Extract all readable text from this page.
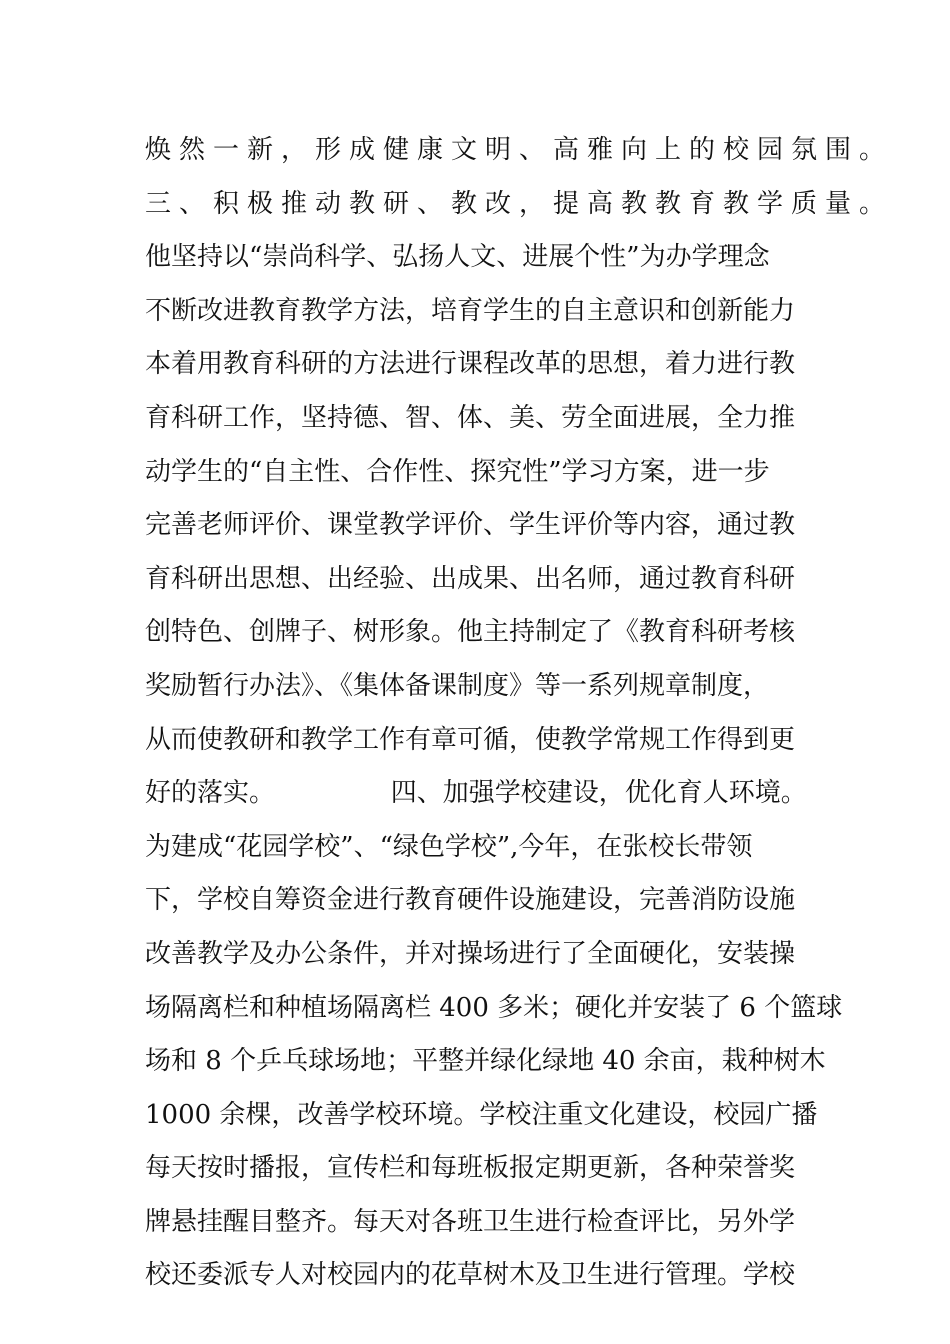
焕然一新，形成健康文明、高雅向上的校园氛围。
三、积极推动教研、教改，提高教教育教学质量。
他坚持以“崇尚科学、弘扬人文、进展个性”为办学理念
不断改进教育教学方法，培育学生的自主意识和创新能力
本着用教育科研的方法进行课程改革的思想，着力进行教
育科研工作，坚持德、智、体、美、劳全面进展，全力推
动学生的“自主性、合作性、探究性”学习方案，进一步
完善老师评价、课堂教学评价、学生评价等内容，通过教
育科研出思想、出经验、出成果、出名师，通过教育科研
创特色、创牌子、树形象。他主持制定了《教育科研考核
奖励暂行办法》、《集体备课制度》等一系列规章制度，
从而使教研和教学工作有章可循，使教学常规工作得到更
好的落实。              四、加强学校建设，优化育人环境。
为建成“花园学校”、“绿色学校”,今年，在张校长带领
下，学校自筹资金进行教育硬件设施建设，完善消防设施
改善教学及办公条件，并对操场进行了全面硬化，安装操
场隔离栏和种植场隔离栏 400 多米；硬化并安装了 6 个篮球
场和 8 个乒乓球场地；平整并绿化绿地 40 余亩，栽种树木
1000 余棵，改善学校环境。学校注重文化建设，校园广播
每天按时播报，宣传栏和每班板报定期更新，各种荣誉奖
牌悬挂醒目整齐。每天对各班卫生进行检查评比，另外学
校还委派专人对校园内的花草树木及卫生进行管理。学校
